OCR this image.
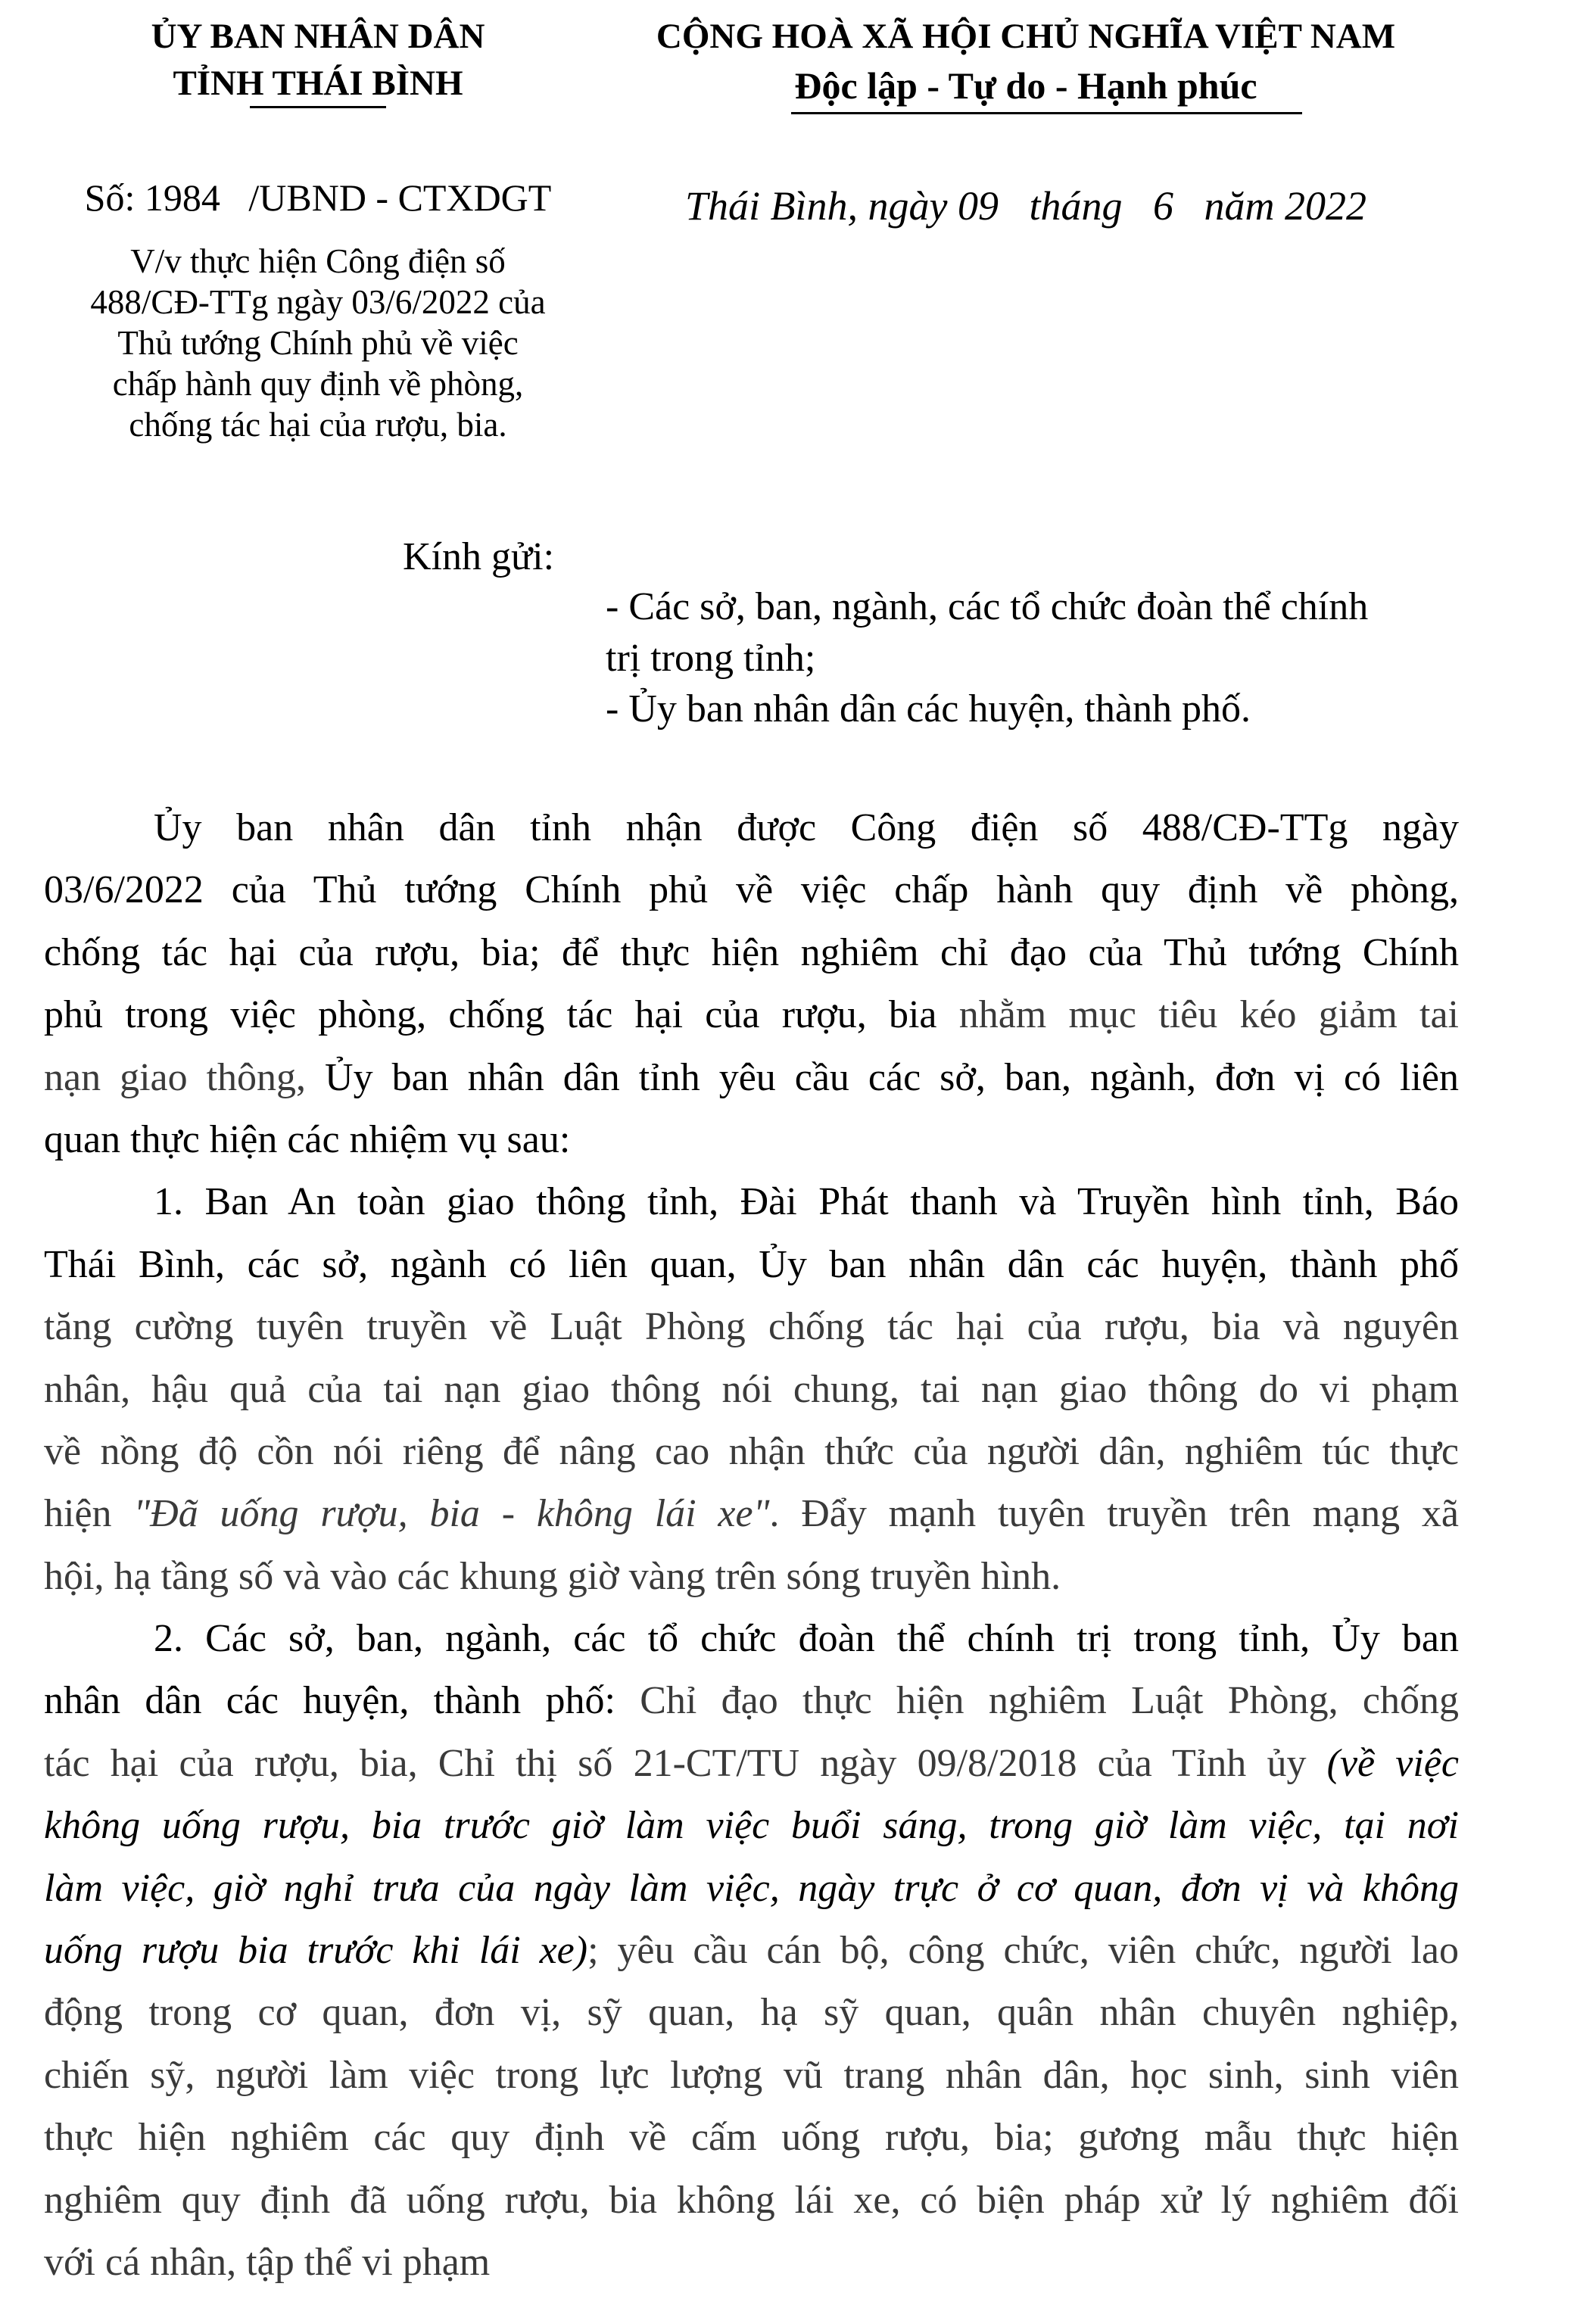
ỦY BAN NHÂN DÂN
TỈNH THÁI BÌNH
CỘNG HOÀ XÃ HỘI CHỦ NGHĨA VIỆT NAM
Độc lập - Tự do - Hạnh phúc
Số: 1984   /UBND - CTXDGT	Thái Bình, ngày 09   tháng   6   năm 2022
V/v thực hiện Công điện số
488/CĐ-TTg ngày 03/6/2022 của
Thủ tướng Chính phủ về việc
chấp hành quy định về phòng,
chống tác hại của rượu, bia.
Kính gửi:
- Các sở, ban, ngành, các tổ chức đoàn thể chính
trị trong tỉnh;
- Ủy ban nhân dân các huyện, thành phố.
Ủy ban nhân dân tỉnh nhận được Công điện số 488/CĐ-TTg ngày
03/6/2022 của Thủ tướng Chính phủ về việc chấp hành quy định về phòng,
chống tác hại của rượu, bia; để thực hiện nghiêm chỉ đạo của Thủ tướng Chính
phủ trong việc phòng, chống tác hại của rượu, bia nhằm mục tiêu kéo giảm tai
nạn giao thông, Ủy ban nhân dân tỉnh yêu cầu các sở, ban, ngành, đơn vị có liên
quan thực hiện các nhiệm vụ sau:
1. Ban An toàn giao thông tỉnh, Đài Phát thanh và Truyền hình tỉnh, Báo
Thái Bình, các sở, ngành có liên quan, Ủy ban nhân dân các huyện, thành phố
tăng cường tuyên truyền về Luật Phòng chống tác hại của rượu, bia và nguyên
nhân, hậu quả của tai nạn giao thông nói chung, tai nạn giao thông do vi phạm
về nồng độ cồn nói riêng để nâng cao nhận thức của người dân, nghiêm túc thực
hiện "Đã uống rượu, bia - không lái xe". Đẩy mạnh tuyên truyền trên mạng xã
hội, hạ tầng số và vào các khung giờ vàng trên sóng truyền hình.
2. Các sở, ban, ngành, các tổ chức đoàn thể chính trị trong tỉnh, Ủy ban
nhân dân các huyện, thành phố: Chỉ đạo thực hiện nghiêm Luật Phòng, chống
tác hại của rượu, bia, Chỉ thị số 21-CT/TU ngày 09/8/2018 của Tỉnh ủy (về việc
không uống rượu, bia trước giờ làm việc buổi sáng, trong giờ làm việc, tại nơi
làm việc, giờ nghỉ trưa của ngày làm việc, ngày trực ở cơ quan, đơn vị và không
uống rượu bia trước khi lái xe); yêu cầu cán bộ, công chức, viên chức, người lao
động trong cơ quan, đơn vị, sỹ quan, hạ sỹ quan, quân nhân chuyên nghiệp,
chiến sỹ, người làm việc trong lực lượng vũ trang nhân dân, học sinh, sinh viên
thực hiện nghiêm các quy định về cấm uống rượu, bia; gương mẫu thực hiện
nghiêm quy định đã uống rượu, bia không lái xe, có biện pháp xử lý nghiêm đối
với cá nhân, tập thể vi phạm
